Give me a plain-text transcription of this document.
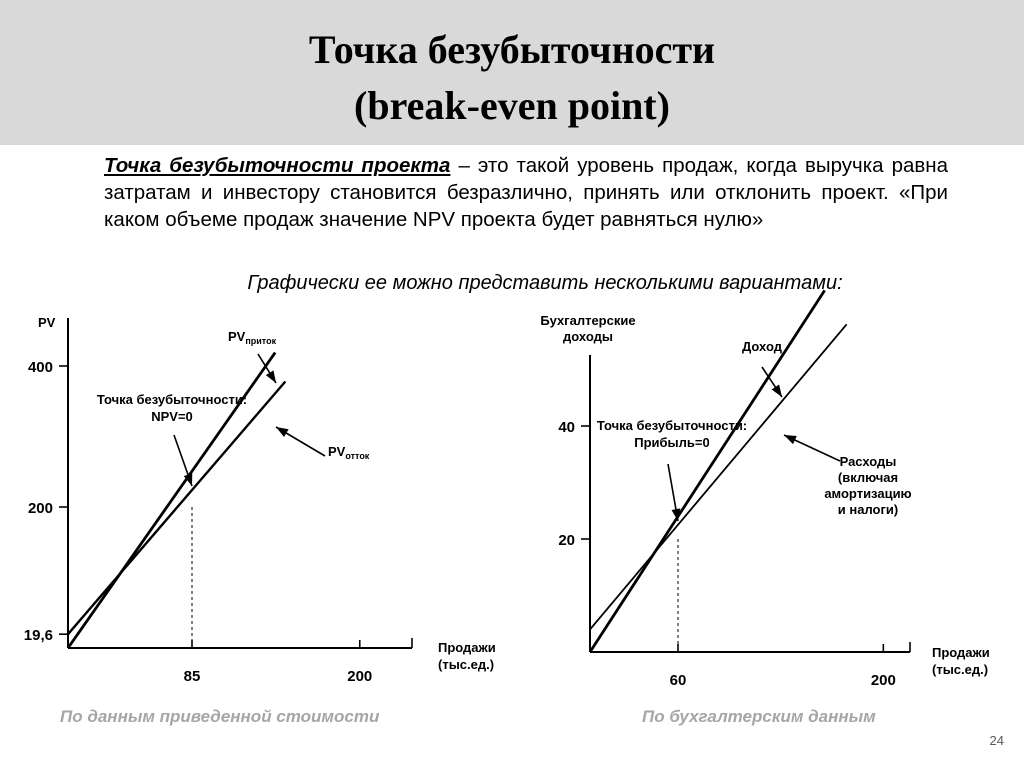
Точка безубыточности
(break-even point)

Точка безубыточности проекта – это такой уровень продаж, когда выручка равна затратам и инвестору становится безразлично, принять или отклонить проект. «При каком объеме продаж значение NPV проекта будет равняться нулю»

Графически ее можно представить несколькими вариантами:

400
200
19,6
85	200
PV
Продажи (тыс.ед.)
$PV_{приток}$
$PV_{отток}$
Точка безубыточности: NPV=0
40
20
60	200
Бухгалтерские доходы
Продажи (тыс.ед.)
Доход
Расходы (включая амортизацию и налоги)
Точка безубыточности: Прибыль=0

По данным приведенной стоимости	По бухгалтерским данным

24
